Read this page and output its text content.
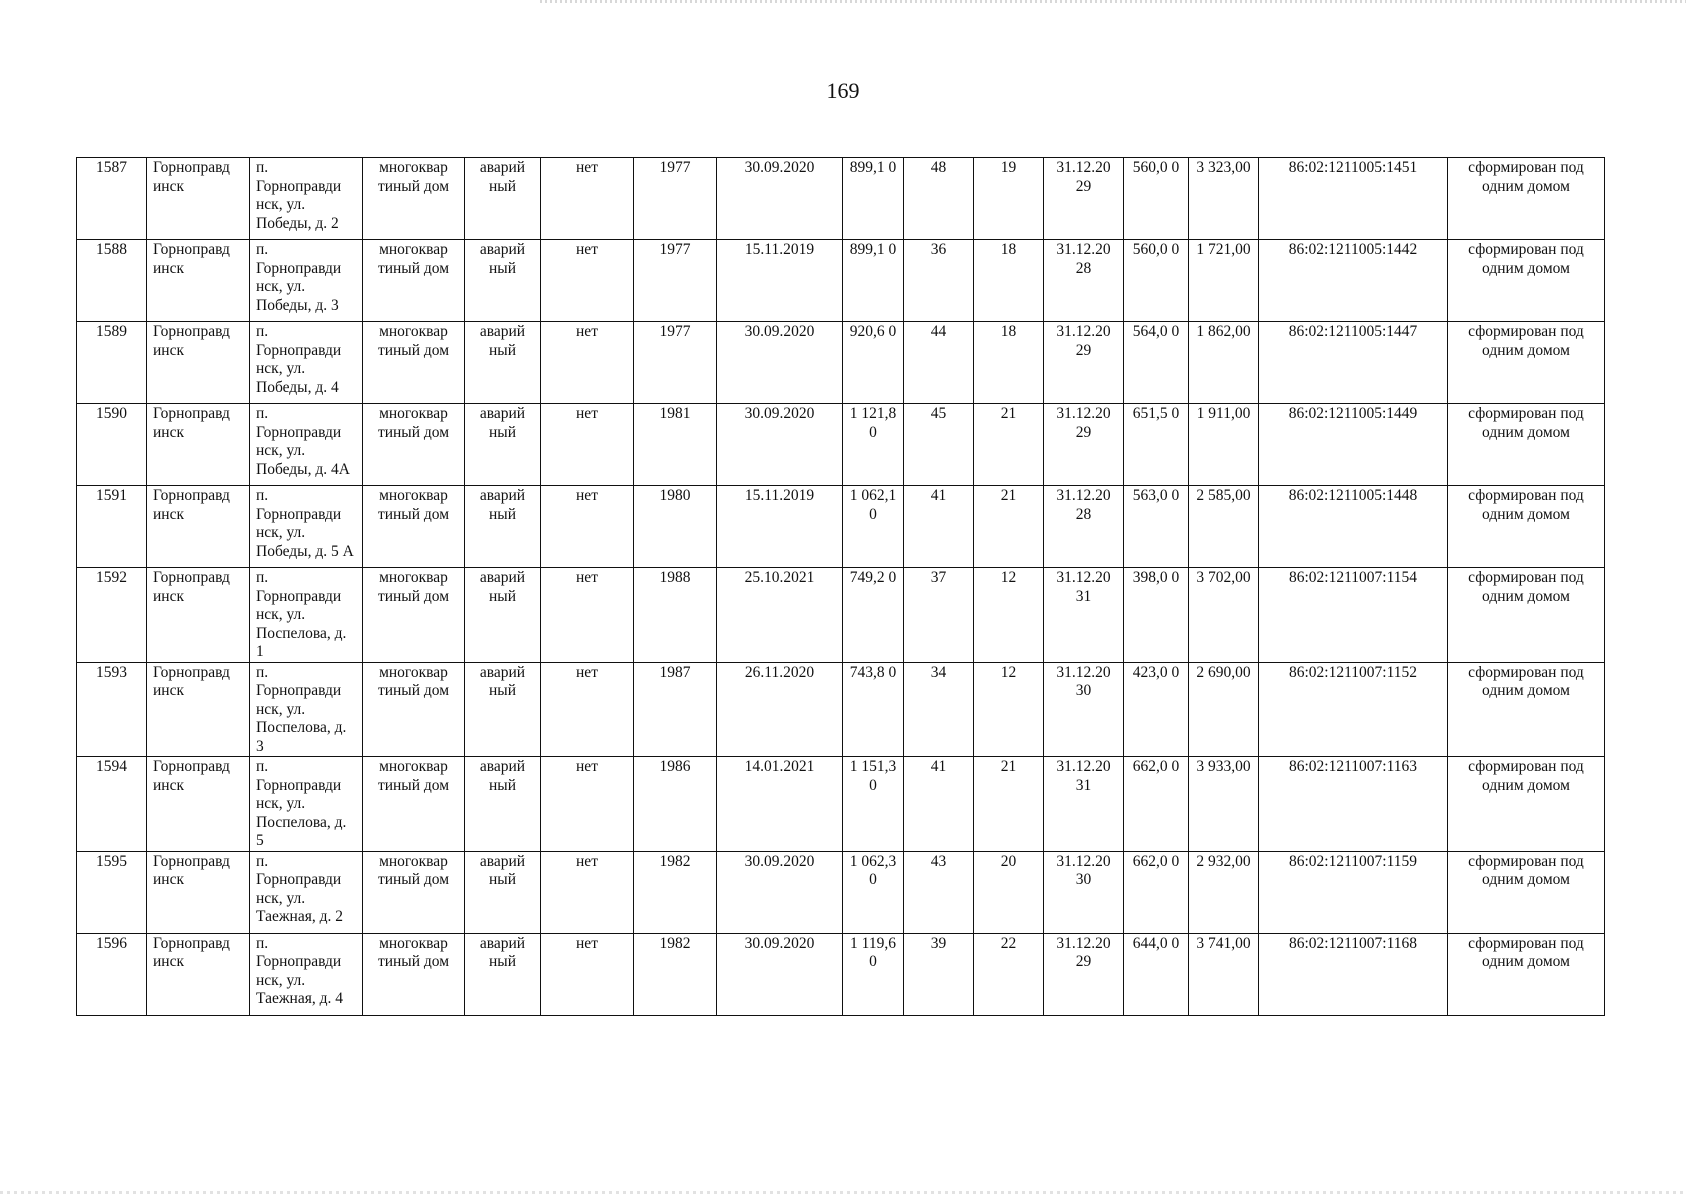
169
1587	Горноправд инск	п. Горноправди нск, ул. Победы, д. 2	многоквар тиный дом	аварий ный	нет	1977	30.09.2020	899,1 0	48	19	31.12.20 29	560,0 0	3 323,00	86:02:1211005:1451	сформирован под одним домом
1588	Горноправд инск	п. Горноправди нск, ул. Победы, д. 3	многоквар тиный дом	аварий ный	нет	1977	15.11.2019	899,1 0	36	18	31.12.20 28	560,0 0	1 721,00	86:02:1211005:1442	сформирован под одним домом
1589	Горноправд инск	п. Горноправди нск, ул. Победы, д. 4	многоквар тиный дом	аварий ный	нет	1977	30.09.2020	920,6 0	44	18	31.12.20 29	564,0 0	1 862,00	86:02:1211005:1447	сформирован под одним домом
1590	Горноправд инск	п. Горноправди нск, ул. Победы, д. 4А	многоквар тиный дом	аварий ный	нет	1981	30.09.2020	1 121,8 0	45	21	31.12.20 29	651,5 0	1 911,00	86:02:1211005:1449	сформирован под одним домом
1591	Горноправд инск	п. Горноправди нск, ул. Победы, д. 5 А	многоквар тиный дом	аварий ный	нет	1980	15.11.2019	1 062,1 0	41	21	31.12.20 28	563,0 0	2 585,00	86:02:1211005:1448	сформирован под одним домом
1592	Горноправд инск	п. Горноправди нск, ул. Поспелова, д. 1	многоквар тиный дом	аварий ный	нет	1988	25.10.2021	749,2 0	37	12	31.12.20 31	398,0 0	3 702,00	86:02:1211007:1154	сформирован под одним домом
1593	Горноправд инск	п. Горноправди нск, ул. Поспелова, д. 3	многоквар тиный дом	аварий ный	нет	1987	26.11.2020	743,8 0	34	12	31.12.20 30	423,0 0	2 690,00	86:02:1211007:1152	сформирован под одним домом
1594	Горноправд инск	п. Горноправди нск, ул. Поспелова, д. 5	многоквар тиный дом	аварий ный	нет	1986	14.01.2021	1 151,3 0	41	21	31.12.20 31	662,0 0	3 933,00	86:02:1211007:1163	сформирован под одним домом
1595	Горноправд инск	п. Горноправди нск, ул. Таежная, д. 2	многоквар тиный дом	аварий ный	нет	1982	30.09.2020	1 062,3 0	43	20	31.12.20 30	662,0 0	2 932,00	86:02:1211007:1159	сформирован под одним домом
1596	Горноправд инск	п. Горноправди нск, ул. Таежная, д. 4	многоквар тиный дом	аварий ный	нет	1982	30.09.2020	1 119,6 0	39	22	31.12.20 29	644,0 0	3 741,00	86:02:1211007:1168	сформирован под одним домом
